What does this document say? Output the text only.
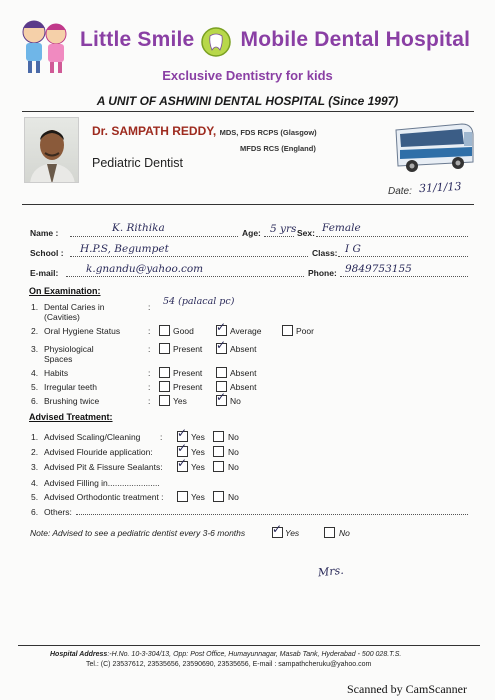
Little Smile Mobile Dental Hospital
Exclusive Dentistry for kids
A UNIT OF ASHWINI DENTAL HOSPITAL (Since 1997)
Dr. SAMPATH REDDY, MDS, FDS RCPS (Glasgow)
MFDS RCS (England)
Pediatric Dentist
Date: 31/1/13
Name :	K. Rithika	Age: 5 yrs Sex: Female
School : H.P.S, Begumpet	Class: I G
E-mail:	k.gnandu@yahoo.com	Phone: 9849753155
On Examination:
1. Dental Caries in
(Cavities)
: 54 (palacal pc)
2. Oral Hygiene Status	:	Good ✓ Average	Poor
3. Physiological
Spaces
:	Present ✓ Absent
4. Habits	:	Present	Absent
5. Irregular teeth	:	Present	Absent
6. Brushing twice	:	Yes ✓ No
Advised Treatment:
1. Advised Scaling/Cleaning : ✓ Yes	No
2. Advised Flouride application: ✓ Yes	No
3. Advised Pit & Fissure Sealants: ✓ Yes	No
4. Advised Filling in......................
5. Advised Orthodontic treatment :	Yes	No
6. Others:
Note: Advised to see a pediatric dentist every 3-6 months ✓ Yes	No
Mrs.
Hospital Address:-H.No. 10-3-304/13, Opp: Post Office, Humayunnagar, Masab Tank, Hyderabad - 500 028.T.S.
Tel.: (C) 23537612, 23535656, 23590690, 23535656, E-mail : sampathcheruku@yahoo.com
Scanned by CamScanner
